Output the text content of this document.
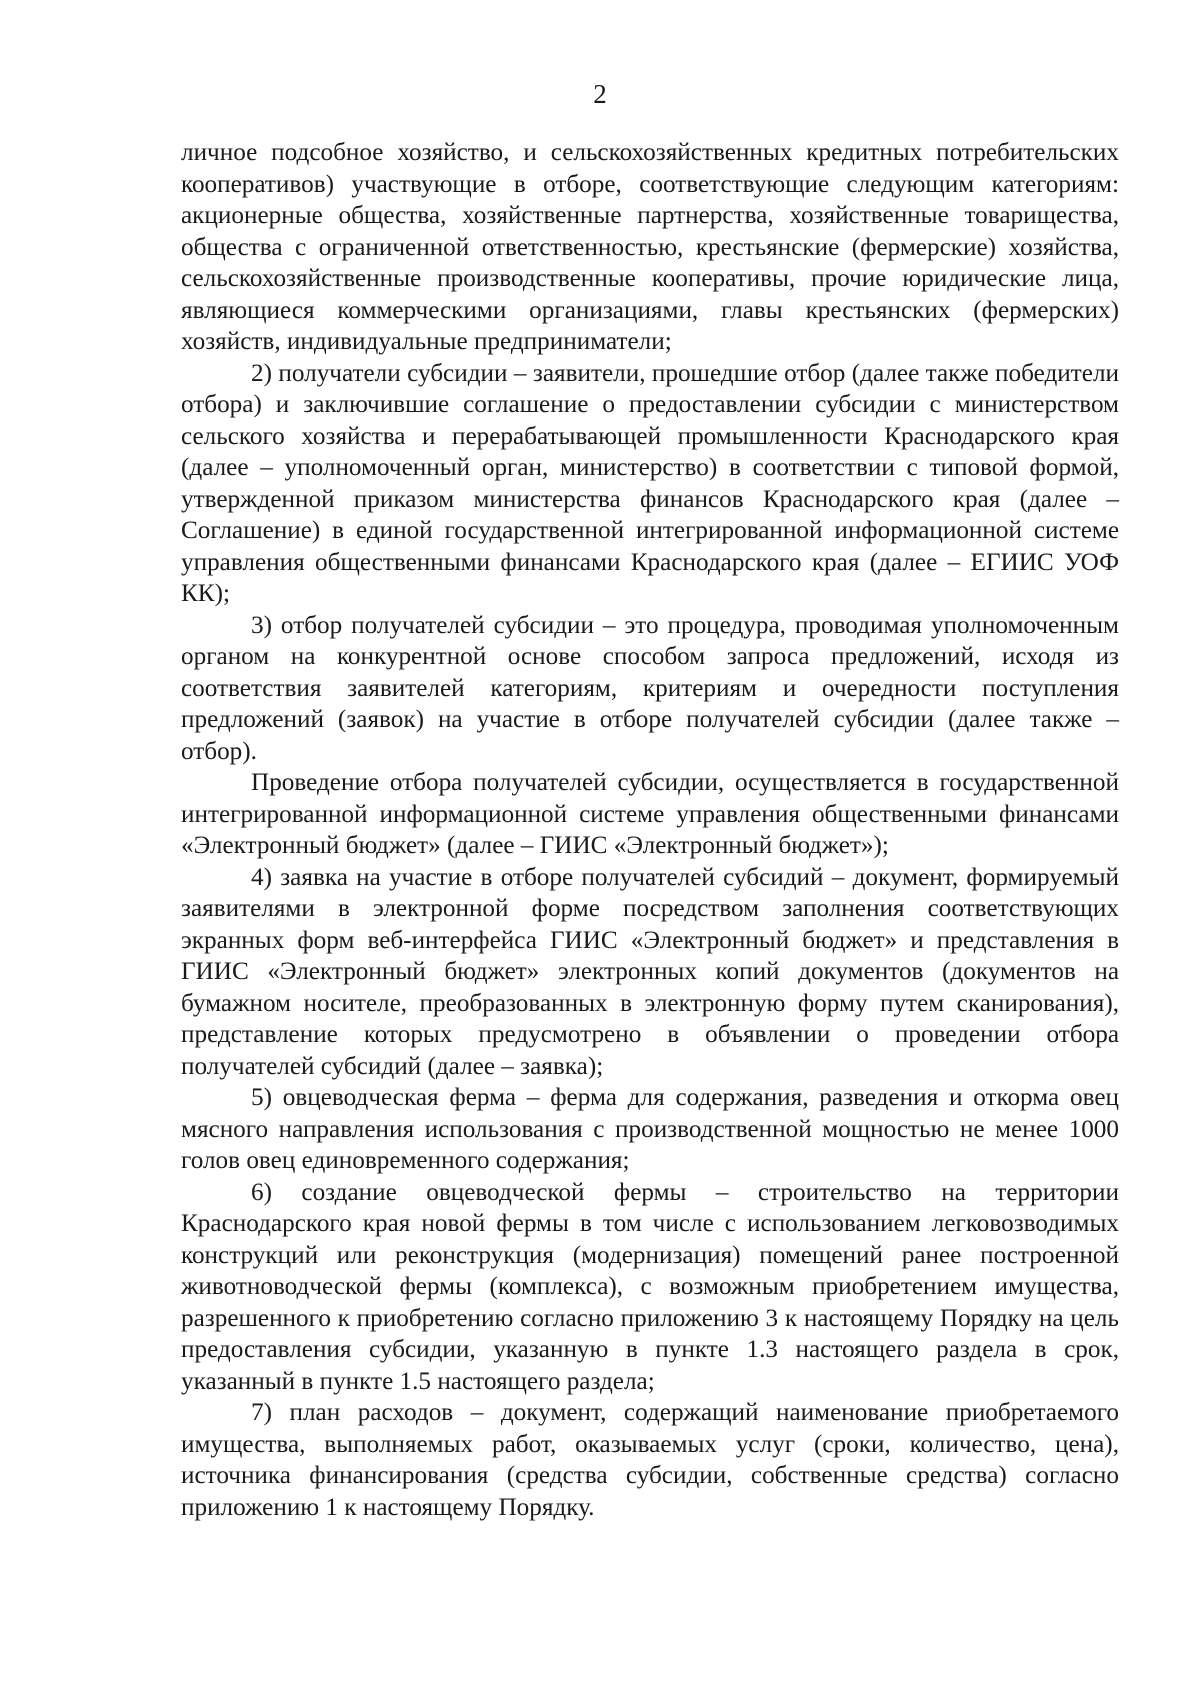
2

личное подсобное хозяйство, и сельскохозяйственных кредитных потребительских кооперативов) участвующие в отборе, соответствующие следующим категориям: акционерные общества, хозяйственные партнерства, хозяйственные товарищества, общества с ограниченной ответственностью, крестьянские (фермерские) хозяйства, сельскохозяйственные производственные кооперативы, прочие юридические лица, являющиеся коммерческими организациями, главы крестьянских (фермерских) хозяйств, индивидуальные предприниматели;

2) получатели субсидии – заявители, прошедшие отбор (далее также победители отбора) и заключившие соглашение о предоставлении субсидии с министерством сельского хозяйства и перерабатывающей промышленности Краснодарского края (далее – уполномоченный орган, министерство) в соответствии с типовой формой, утвержденной приказом министерства финансов Краснодарского края (далее – Соглашение) в единой государственной интегрированной информационной системе управления общественными финансами Краснодарского края (далее – ЕГИИС УОФ КК);

3) отбор получателей субсидии – это процедура, проводимая уполномоченным органом на конкурентной основе способом запроса предложений, исходя из соответствия заявителей категориям, критериям и очередности поступления предложений (заявок) на участие в отборе получателей субсидии (далее также – отбор).

Проведение отбора получателей субсидии, осуществляется в государственной интегрированной информационной системе управления общественными финансами «Электронный бюджет» (далее – ГИИС «Электронный бюджет»);

4) заявка на участие в отборе получателей субсидий – документ, формируемый заявителями в электронной форме посредством заполнения соответствующих экранных форм веб-интерфейса ГИИС «Электронный бюджет» и представления в ГИИС «Электронный бюджет» электронных копий документов (документов на бумажном носителе, преобразованных в электронную форму путем сканирования), представление которых предусмотрено в объявлении о проведении отбора получателей субсидий (далее – заявка);

5) овцеводческая ферма – ферма для содержания, разведения и откорма овец мясного направления использования с производственной мощностью не менее 1000 голов овец единовременного содержания;

6) создание овцеводческой фермы – строительство на территории Краснодарского края новой фермы в том числе с использованием легковозводимых конструкций или реконструкция (модернизация) помещений ранее построенной животноводческой фермы (комплекса), с возможным приобретением имущества, разрешенного к приобретению согласно приложению 3 к настоящему Порядку на цель предоставления субсидии, указанную в пункте 1.3 настоящего раздела в срок, указанный в пункте 1.5 настоящего раздела;

7) план расходов – документ, содержащий наименование приобретаемого имущества, выполняемых работ, оказываемых услуг (сроки, количество, цена), источника финансирования (средства субсидии, собственные средства) согласно приложению 1 к настоящему Порядку.
